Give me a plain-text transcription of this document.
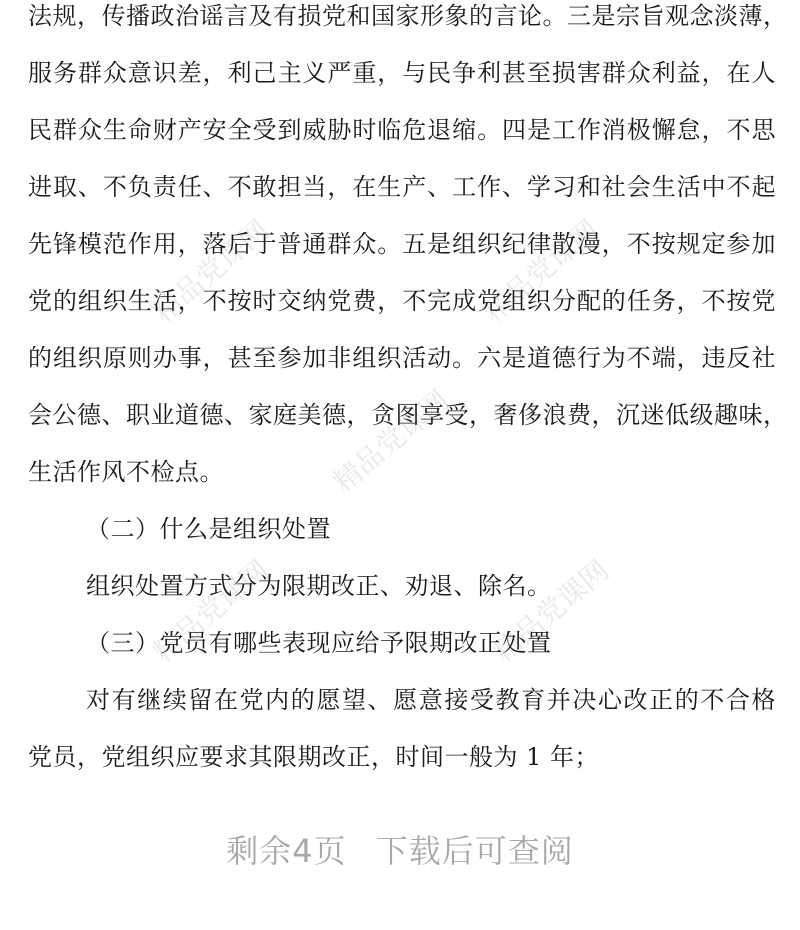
精品党课网	精品党课网
精品党课网
精品党课网	精品党课网

法规，传播政治谣言及有损党和国家形象的言论。三是宗旨观念淡薄，

服务群众意识差，利己主义严重，与民争利甚至损害群众利益，在人

民群众生命财产安全受到威胁时临危退缩。四是工作消极懈怠，不思

进取、不负责任、不敢担当，在生产、工作、学习和社会生活中不起

先锋模范作用，落后于普通群众。五是组织纪律散漫，不按规定参加

党的组织生活，不按时交纳党费，不完成党组织分配的任务，不按党

的组织原则办事，甚至参加非组织活动。六是道德行为不端，违反社

会公德、职业道德、家庭美德，贪图享受，奢侈浪费，沉迷低级趣味，

生活作风不检点。

（二）什么是组织处置

组织处置方式分为限期改正、劝退、除名。

（三）党员有哪些表现应给予限期改正处置

对有继续留在党内的愿望、愿意接受教育并决心改正的不合格

党员，党组织应要求其限期改正，时间一般为 1 年；

剩余4页 下载后可查阅
